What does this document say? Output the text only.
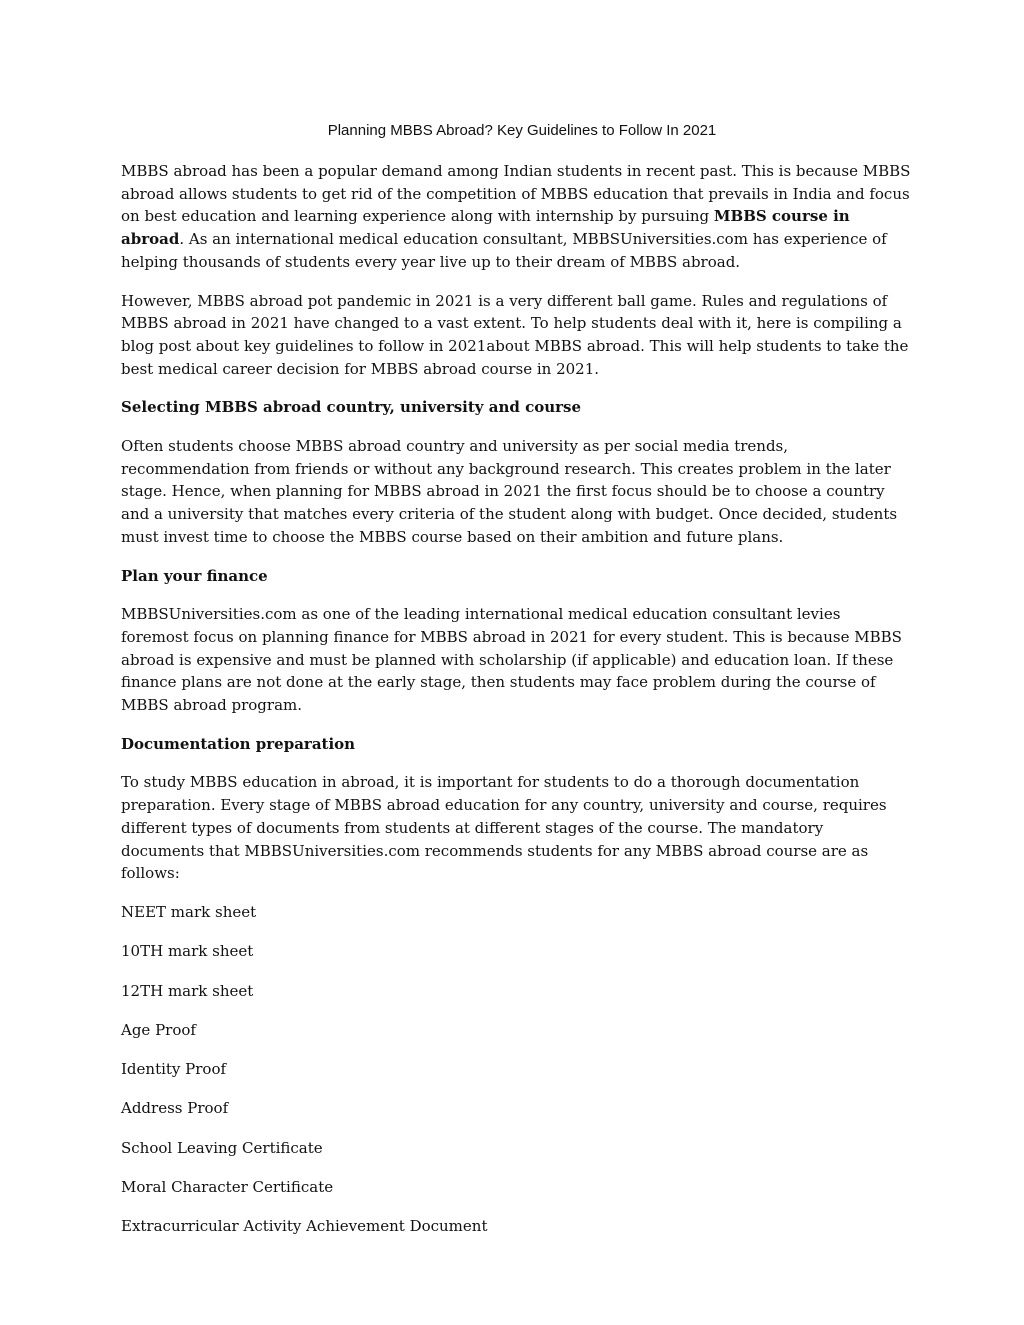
Planning MBBS Abroad? Key Guidelines to Follow In 2021

MBBS abroad has been a popular demand among Indian students in recent past. This is because MBBS abroad allows students to get rid of the competition of MBBS education that prevails in India and focus on best education and learning experience along with internship by pursuing MBBS course in abroad. As an international medical education consultant, MBBSUniversities.com has experience of helping thousands of students every year live up to their dream of MBBS abroad.

However, MBBS abroad pot pandemic in 2021 is a very different ball game. Rules and regulations of MBBS abroad in 2021 have changed to a vast extent. To help students deal with it, here is compiling a blog post about key guidelines to follow in 2021about MBBS abroad. This will help students to take the best medical career decision for MBBS abroad course in 2021.

Selecting MBBS abroad country, university and course

Often students choose MBBS abroad country and university as per social media trends, recommendation from friends or without any background research. This creates problem in the later stage. Hence, when planning for MBBS abroad in 2021 the first focus should be to choose a country and a university that matches every criteria of the student along with budget. Once decided, students must invest time to choose the MBBS course based on their ambition and future plans.

Plan your finance

MBBSUniversities.com as one of the leading international medical education consultant levies foremost focus on planning finance for MBBS abroad in 2021 for every student. This is because MBBS abroad is expensive and must be planned with scholarship (if applicable) and education loan. If these finance plans are not done at the early stage, then students may face problem during the course of MBBS abroad program.

Documentation preparation

To study MBBS education in abroad, it is important for students to do a thorough documentation preparation. Every stage of MBBS abroad education for any country, university and course, requires different types of documents from students at different stages of the course. The mandatory documents that MBBSUniversities.com recommends students for any MBBS abroad course are as follows:

NEET mark sheet

10TH mark sheet

12TH mark sheet

Age Proof

Identity Proof

Address Proof

School Leaving Certificate

Moral Character Certificate

Extracurricular Activity Achievement Document
